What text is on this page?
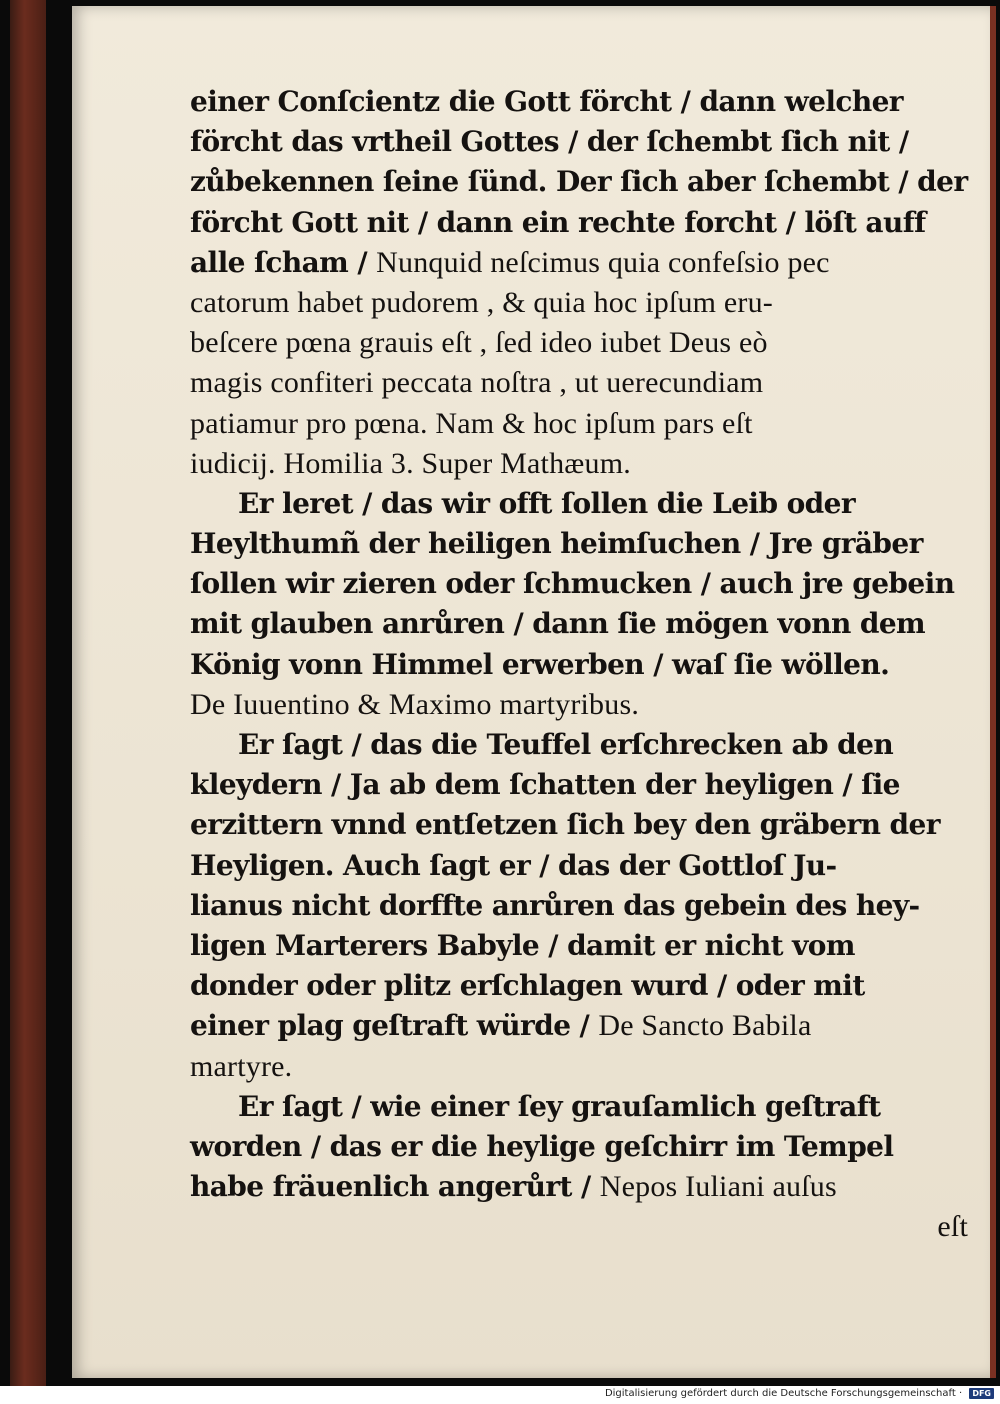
einer Conſcientz die Gott förcht / dann welcher
förcht das vrtheil Gottes / der ſchembt ſich nit /
zůbekennen ſeine ſünd. Der ſich aber ſchembt / der
förcht Gott nit / dann ein rechte forcht / löſt auff
alle ſcham / Nunquid neſcimus quia confeſsio pec
catorum habet pudorem , & quia hoc ipſum eru-
beſcere pœna grauis eſt , ſed ideo iubet Deus eò
magis confiteri peccata noſtra , ut uerecundiam
patiamur pro pœna. Nam & hoc ipſum pars eſt
iudicij. Homilia 3. Super Mathæum.
Er leret / das wir offt ſollen die Leib oder
Heylthumñ der heiligen heimſuchen / Jre gräber
ſollen wir zieren oder ſchmucken / auch jre gebein
mit glauben anrůren / dann ſie mögen vonn dem
König vonn Himmel erwerben / waſ ſie wöllen.
De Iuuentino & Maximo martyribus.
Er ſagt / das die Teuffel erſchrecken ab den
kleydern / Ja ab dem ſchatten der heyligen / ſie
erzittern vnnd entſetzen ſich bey den gräbern der
Heyligen. Auch ſagt er / das der Gottloſ Ju-
lianus nicht dorffte anrůren das gebein des hey-
ligen Marterers Babyle / damit er nicht vom
donder oder plitz erſchlagen wurd / oder mit
einer plag geſtraft würde / De Sancto Babila
martyre.
Er ſagt / wie einer ſey grauſamlich geſtraft
worden / das er die heylige geſchirr im Tempel
habe fräuenlich angerůrt / Nepos Iuliani auſus
eſt
Digitalisierung gefördert durch die Deutsche Forschungsgemeinschaft · DFG
